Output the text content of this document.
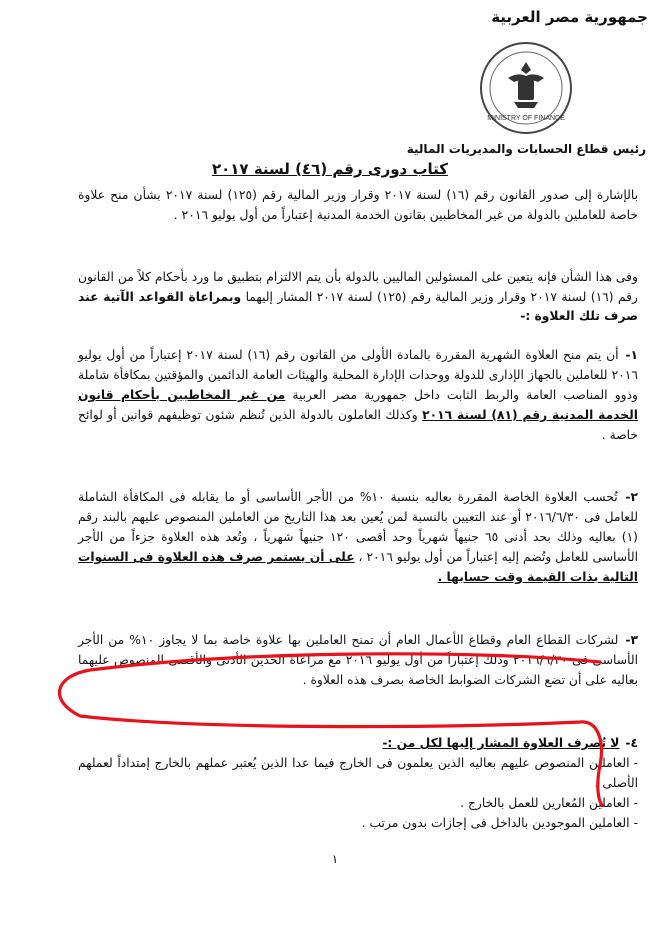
جمهورية مصر العربية
MINISTRY OF FINANCE
رئيس قطاع الحسابات والمديريات المالية
كتاب دورى رقم (٤٦) لسنة ٢٠١٧

بالإشارة إلى صدور القانون رقم (١٦) لسنة ٢٠١٧ وقرار وزير المالية رقم (١٢٥) لسنة ٢٠١٧ بشأن منح علاوة خاصة للعاملين بالدولة من غير المخاطبين بقانون الخدمة المدنية إعتباراً من أول يوليو ٢٠١٦ .

وفى هذا الشأن فإنه يتعين على المسئولين الماليين بالدولة بأن يتم الالتزام بتطبيق ما ورد بأحكام كلاً من القانون رقم (١٦) لسنة ٢٠١٧ وقرار وزير المالية رقم (١٢٥) لسنة ٢٠١٧ المشار إليهما وبمراعاة القواعد الآتية عند صرف تلك العلاوة :-

١- أن يتم منح العلاوة الشهرية المقررة بالمادة الأولى من القانون رقم (١٦) لسنة ٢٠١٧ إعتباراً من أول يوليو ٢٠١٦ للعاملين بالجهاز الإدارى للدولة ووحدات الإدارة المحلية والهيئات العامة الدائمين والمؤقتين بمكافأة شاملة وذوو المناصب العامة والربط الثابت داخل جمهورية مصر العربية من غير المخاطبين بأحكام قانون الخدمة المدنية رقم (٨١) لسنة ٢٠١٦ وكذلك العاملون بالدولة الذين تُنظم شئون توظيفهم قوانين أو لوائح خاصة .
٢- تُحسب العلاوة الخاصة المقررة بعاليه بنسبة ١٠% من الأجر الأساسى أو ما يقابله فى المكافأة الشاملة للعامل فى ٢٠١٦/٦/٣٠ أو عند التعيين بالنسبة لمن يُعين بعد هذا التاريخ من العاملين المنصوص عليهم بالبند رقم (١) بعاليه وذلك بحد أدنى ٦٥ جنيهاً شهرياً وحد أقصى ١٢٠ جنيهاً شهرياً ، وتُعد هذه العلاوة جزءاً من الأجر الأساسى للعامل وتُضم إليه إعتباراً من أول يوليو ٢٠١٦ ، على أن يستمر صرف هذه العلاوة فى السنوات التالية بذات القيمة وقت حسابها .
٣- لشركات القطاع العام وقطاع الأعمال العام أن تمنح العاملين بها علاوة خاصة بما لا يجاوز ١٠% من الأجر الأساسى فى ٢٠١٦/٦/٣٠ وذلك إعتباراً من أول يوليو ٢٠١٦ مع مراعاة الحدين الأدنى والأقصى المنصوص عليهما بعاليه على أن تضع الشركات الضوابط الخاصة بصرف هذه العلاوة .
٤- لا تُصرف العلاوة المشار إليها لكل من :-
-العاملين المنصوص عليهم بعاليه الذين يعلمون فى الخارج فيما عدا الذين يُعتبر عملهم بالخارج إمتداداً لعملهم الأصلى .
-العاملين المُعارين للعمل بالخارج .
-العاملين الموجودين بالداخل فى إجازات بدون مرتب .
١
